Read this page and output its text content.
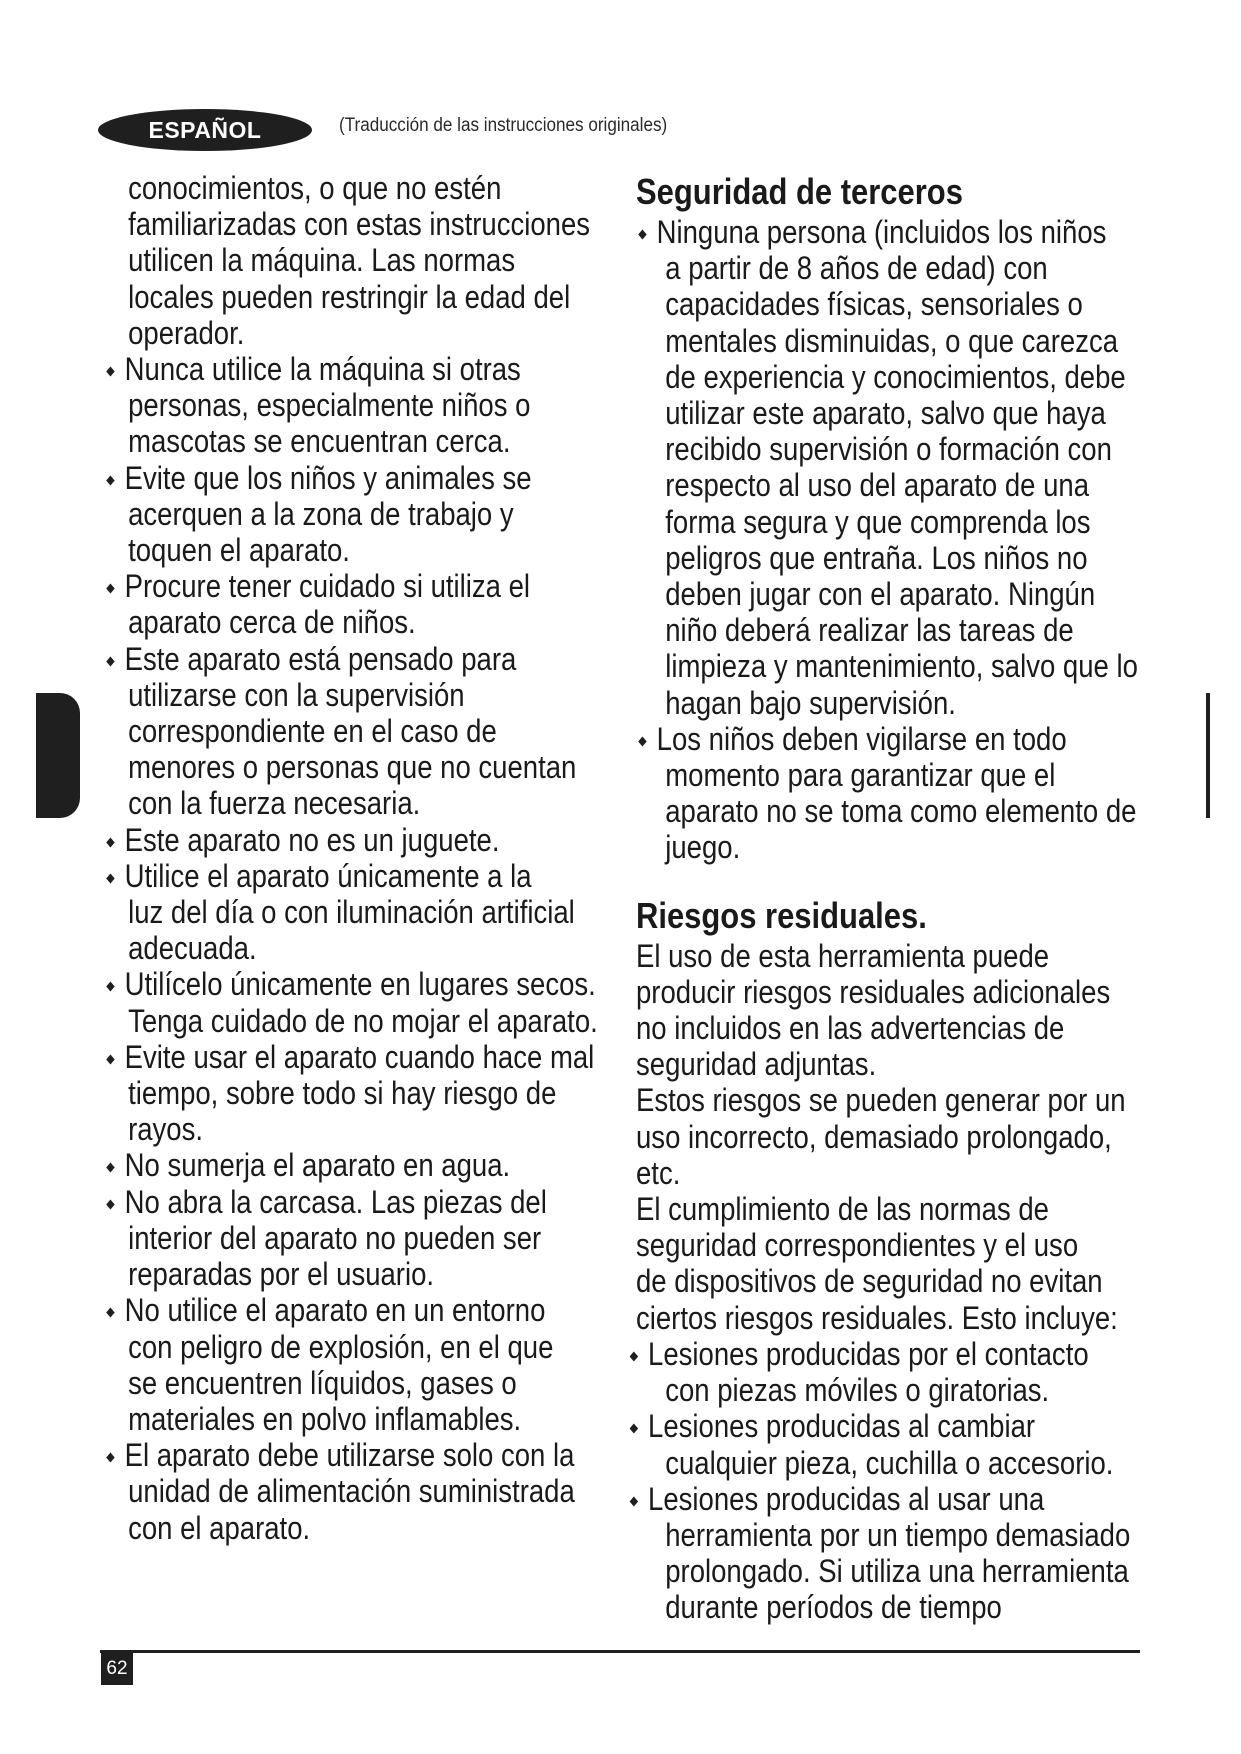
ESPAÑOL	(Traducción de las instrucciones originales)
conocimientos, o que no estén
familiarizadas con estas instrucciones
utilicen la máquina. Las normas
locales pueden restringir la edad del
operador.
Nunca utilice la máquina si otras
personas, especialmente niños o
mascotas se encuentran cerca.
Evite que los niños y animales se
acerquen a la zona de trabajo y
toquen el aparato.
Procure tener cuidado si utiliza el
aparato cerca de niños.
Este aparato está pensado para
utilizarse con la supervisión
correspondiente en el caso de
menores o personas que no cuentan
con la fuerza necesaria.
Este aparato no es un juguete.
Utilice el aparato únicamente a la
luz del día o con iluminación artificial
adecuada.
Utilícelo únicamente en lugares secos.
Tenga cuidado de no mojar el aparato.
Evite usar el aparato cuando hace mal
tiempo, sobre todo si hay riesgo de
rayos.
No sumerja el aparato en agua.
No abra la carcasa. Las piezas del
interior del aparato no pueden ser
reparadas por el usuario.
No utilice el aparato en un entorno
con peligro de explosión, en el que
se encuentren líquidos, gases o
materiales en polvo inflamables.
El aparato debe utilizarse solo con la
unidad de alimentación suministrada
con el aparato.
Seguridad de terceros
Ninguna persona (incluidos los niños
a partir de 8 años de edad) con
capacidades físicas, sensoriales o
mentales disminuidas, o que carezca
de experiencia y conocimientos, debe
utilizar este aparato, salvo que haya
recibido supervisión o formación con
respecto al uso del aparato de una
forma segura y que comprenda los
peligros que entraña. Los niños no
deben jugar con el aparato. Ningún
niño deberá realizar las tareas de
limpieza y mantenimiento, salvo que lo
hagan bajo supervisión.
Los niños deben vigilarse en todo
momento para garantizar que el
aparato no se toma como elemento de
juego.
Riesgos residuales.
El uso de esta herramienta puede
producir riesgos residuales adicionales
no incluidos en las advertencias de
seguridad adjuntas.
Estos riesgos se pueden generar por un
uso incorrecto, demasiado prolongado,
etc.
El cumplimiento de las normas de
seguridad correspondientes y el uso
de dispositivos de seguridad no evitan
ciertos riesgos residuales. Esto incluye:
Lesiones producidas por el contacto
con piezas móviles o giratorias.
Lesiones producidas al cambiar
cualquier pieza, cuchilla o accesorio.
Lesiones producidas al usar una
herramienta por un tiempo demasiado
prolongado. Si utiliza una herramienta
durante períodos de tiempo
62
